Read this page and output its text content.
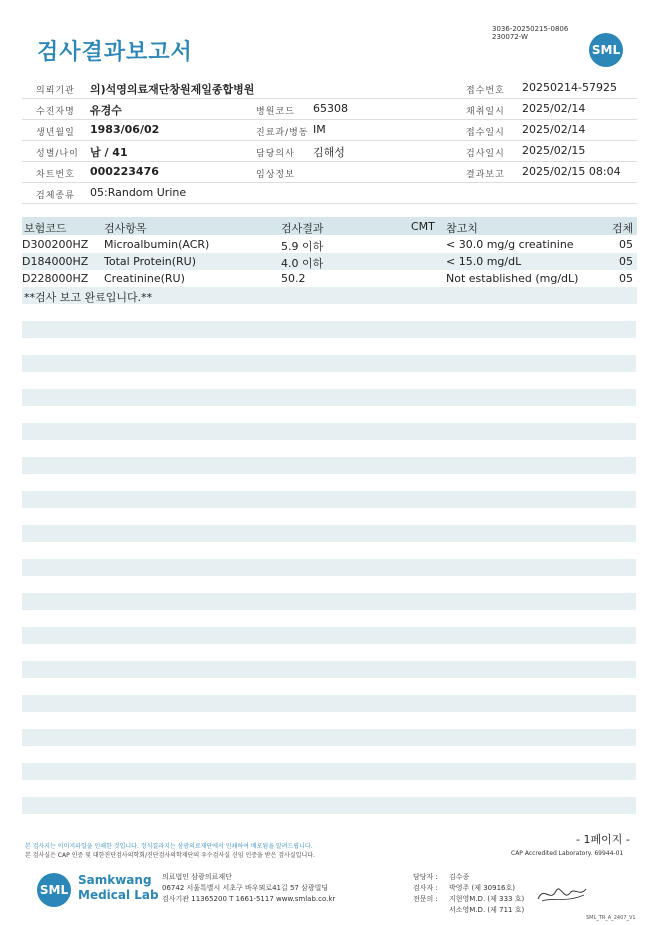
검사결과보고서
3036-20250215-0806
230072-W
SML
의뢰기관 의)석영의료재단창원제일종합병원	접수번호 20250214-57925
수진자명 유경수	병원코드 65308	채취일시 2025/02/14
생년월일 1983/06/02	진료과/병동 IM	접수일시 2025/02/14
성별/나이 남 / 41	담당의사 김해성	검사일시 2025/02/15
차트번호 000223476	임상정보	결과보고 2025/02/15 08:04
검체종류 05:Random Urine
보험코드	검사항목	검사결과	CMT 참고치	검체
D300200HZ Microalbumin(ACR)	5.9 이하	< 30.0 mg/g creatinine	05
D184000HZ Total Protein(RU)	4.0 이하	< 15.0 mg/dL	05
D228000HZ Creatinine(RU)	50.2	Not established (mg/dL)	05
**검사 보고 완료입니다.**
본 검사지는 이미지파일을 인쇄한 것입니다. 정식결과지는 삼광의료재단에서 인쇄하여 배포됨을 알려드립니다.
본 검사실은 CAP 인증 및 대한진단검사의학회/진단검사의학재단의 우수검사실 신임 인증을 받은 검사실입니다.
- 1페이지 -
CAP Accredited Laboratory. 69944-01
SML
Samkwang
Medical Lab
의료법인 삼광의료재단
06742 서울특별시 서초구 바우뫼로41길 57 삼광빌딩
검사기관 11365200 T 1661-5117 www.smlab.co.kr
담당자 : 김수종
검사자 : 박영주 (제 30916호)
전문의 : 지현영M.D. (제 333 호)
서소영M.D. (제 711 호)
SML_TR_A_2407_V1
